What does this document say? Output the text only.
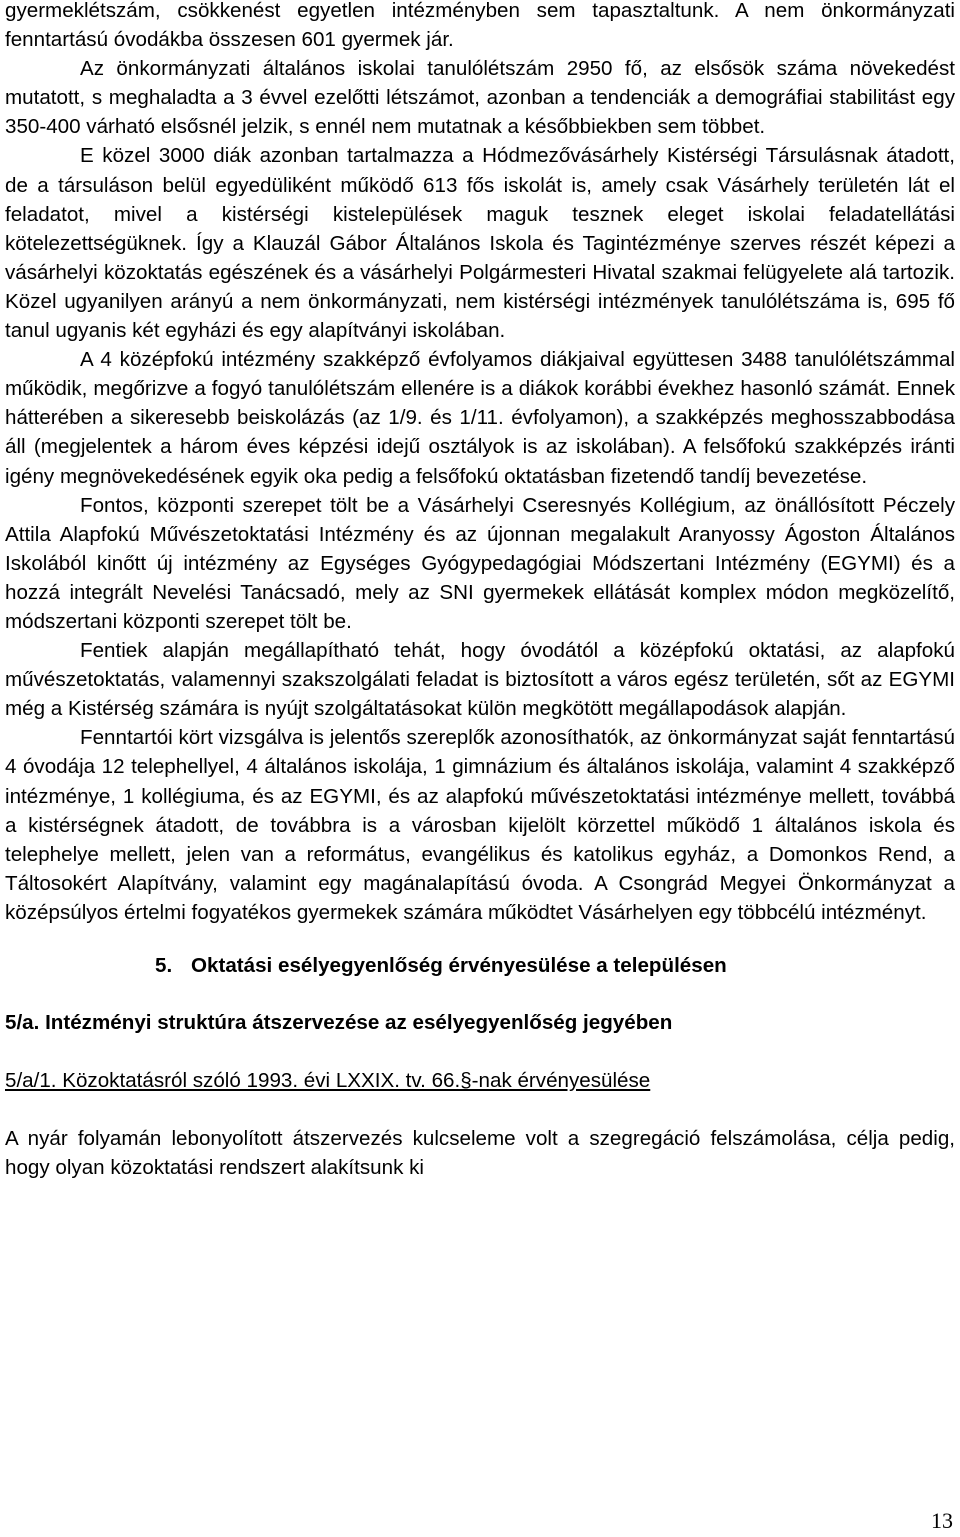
gyermeklétszám, csökkenést egyetlen intézményben sem tapasztaltunk. A nem önkormányzati fenntartású óvodákba összesen 601 gyermek jár.

Az önkormányzati általános iskolai tanulólétszám 2950 fő, az elsősök száma növekedést mutatott, s meghaladta a 3 évvel ezelőtti létszámot, azonban a tendenciák a demográfiai stabilitást egy 350-400 várható elsősnél jelzik, s ennél nem mutatnak a későbbiekben sem többet.

E közel 3000 diák azonban tartalmazza a Hódmezővásárhely Kistérségi Társulásnak átadott, de a társuláson belül egyedüliként működő 613 fős iskolát is, amely csak Vásárhely területén lát el feladatot, mivel a kistérségi kistelepülések maguk tesznek eleget iskolai feladatellátási kötelezettségüknek. Így a Klauzál Gábor Általános Iskola és Tagintézménye szerves részét képezi a vásárhelyi közoktatás egészének és a vásárhelyi Polgármesteri Hivatal szakmai felügyelete alá tartozik. Közel ugyanilyen arányú a nem önkormányzati, nem kistérségi intézmények tanulólétszáma is, 695 fő tanul ugyanis két egyházi és egy alapítványi iskolában.

A 4 középfokú intézmény szakképző évfolyamos diákjaival együttesen 3488 tanulólétszámmal működik, megőrizve a fogyó tanulólétszám ellenére is a diákok korábbi évekhez hasonló számát. Ennek hátterében a sikeresebb beiskolázás (az 1/9. és 1/11. évfolyamon), a szakképzés meghosszabbodása áll (megjelentek a három éves képzési idejű osztályok is az iskolában). A felsőfokú szakképzés iránti igény megnövekedésének egyik oka pedig a felsőfokú oktatásban fizetendő tandíj bevezetése.

Fontos, központi szerepet tölt be a Vásárhelyi Cseresnyés Kollégium, az önállósított Péczely Attila Alapfokú Művészetoktatási Intézmény és az újonnan megalakult Aranyossy Ágoston Általános Iskolából kinőtt új intézmény az Egységes Gyógypedagógiai Módszertani Intézmény (EGYMI) és a hozzá integrált Nevelési Tanácsadó, mely az SNI gyermekek ellátását komplex módon megközelítő, módszertani központi szerepet tölt be.

Fentiek alapján megállapítható tehát, hogy óvodától a középfokú oktatási, az alapfokú művészetoktatás, valamennyi szakszolgálati feladat is biztosított a város egész területén, sőt az EGYMI még a Kistérség számára is nyújt szolgáltatásokat külön megkötött megállapodások alapján.

Fenntartói kört vizsgálva is jelentős szereplők azonosíthatók, az önkormányzat saját fenntartású 4 óvodája 12 telephellyel, 4 általános iskolája, 1 gimnázium és általános iskolája, valamint 4 szakképző intézménye, 1 kollégiuma, és az EGYMI, és az alapfokú művészetoktatási intézménye mellett, továbbá a kistérségnek átadott, de továbbra is a városban kijelölt körzettel működő 1 általános iskola és telephelye mellett, jelen van a református, evangélikus és katolikus egyház, a Domonkos Rend, a Táltosokért Alapítvány, valamint egy magánalapítású óvoda. A Csongrád Megyei Önkormányzat a középsúlyos értelmi fogyatékos gyermekek számára működtet Vásárhelyen egy többcélú intézményt.

5. Oktatási esélyegyenlőség érvényesülése a településen
5/a. Intézményi struktúra átszervezése az esélyegyenlőség jegyében
5/a/1. Közoktatásról szóló 1993. évi LXXIX. tv. 66.§-nak érvényesülése

A nyár folyamán lebonyolított átszervezés kulcseleme volt a szegregáció felszámolása, célja pedig, hogy olyan közoktatási rendszert alakítsunk ki

13
